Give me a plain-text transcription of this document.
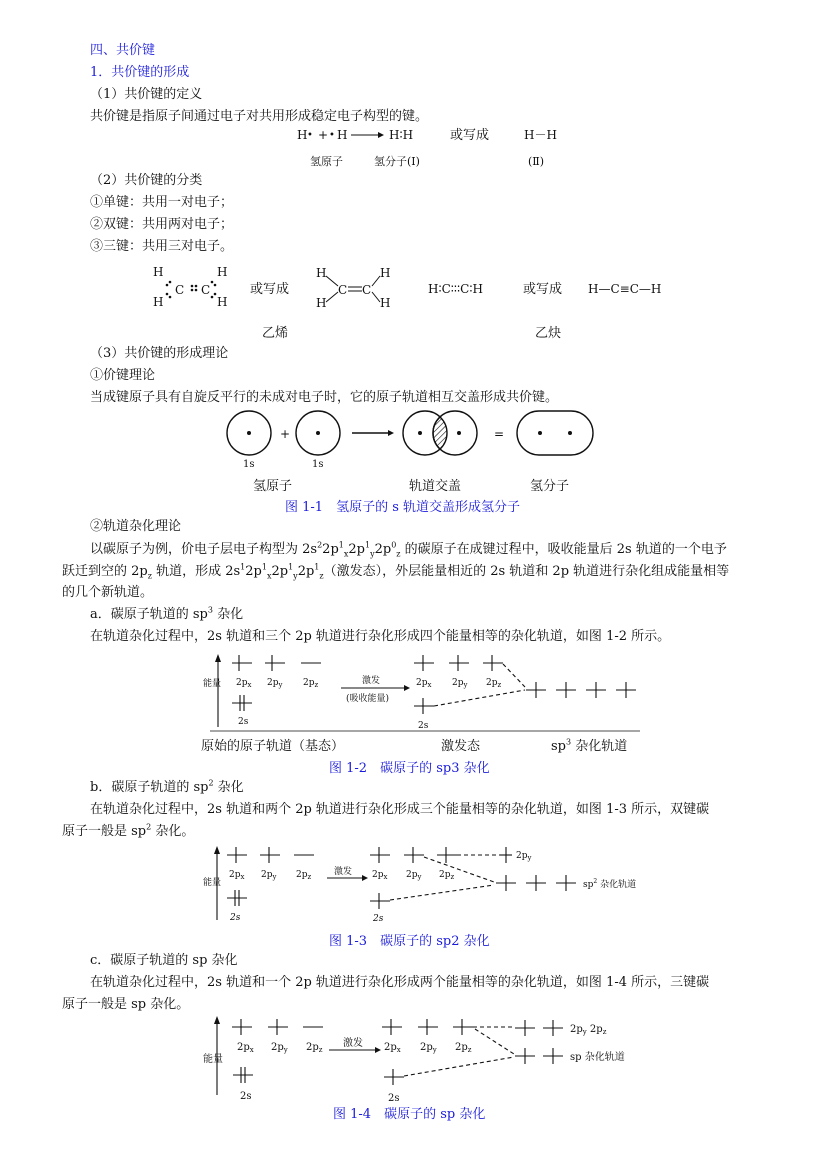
四、共价键
1．共价键的形成
（1）共价键的定义
共价键是指原子间通过电子对共用形成稳定电子构型的键。
H • + • H	H∶H	或写成	H－H
氢原子	氢分子(Ⅰ)	(Ⅱ)
（2）共价键的分类
①单键：共用一对电子；
②双键：共用两对电子；
③三键：共用三对电子。
H
H
H
H
C C	或写成
H
H
H
H
C C	H∶C∶∶∶C∶H	或写成 H—C≡C—H
乙烯	乙炔
（3）共价键的形成理论
①价键理论
当成键原子具有自旋反平行的未成对电子时，它的原子轨道相互交盖形成共价键。
+	=
1s	1s
氢原子	轨道交盖	氢分子
图 1-1　氢原子的 s 轨道交盖形成氢分子
②轨道杂化理论
以碳原子为例，价电子层电子构型为 $2s^22p^1_x2p^1_y2p^0_z$ 的碳原子在成键过程中，吸收能量后 2s 轨道的一个电予
跃迁到空的 $2p_z$ 轨道，形成 $2s^12p^1_x2p^1_y2p^1_z$（激发态），外层能量相近的 2s 轨道和 2p 轨道进行杂化组成能量相等
的几个新轨道。
a．碳原子轨道的 $sp^3$ 杂化
在轨道杂化过程中，2s 轨道和三个 2p 轨道进行杂化形成四个能量相等的杂化轨道，如图 1-2 所示。
能量 $2p_x$ $2p_y$ $2p_z$
2s
$2p_x$ $2p_y$ $2p_z$
2s
激发
(吸收能量)
原始的原子轨道（基态）	激发态	$sp^3$ 杂化轨道
图 1-2　碳原子的 sp3 杂化
b．碳原子轨道的 $sp^2$ 杂化
在轨道杂化过程中，2s 轨道和两个 2p 轨道进行杂化形成三个能量相等的杂化轨道，如图 1-3 所示，双键碳
原子一般是 $sp^2$ 杂化。
能量
$2p_x$ $2p_y$ $2p_z$
2s
$2p_x$ $2p_y$ $2p_z$
2s
激发
$2p_y$
$sp^2$ 杂化轨道
图 1-3　碳原子的 sp2 杂化
c．碳原子轨道的 sp 杂化
在轨道杂化过程中，2s 轨道和一个 2p 轨道进行杂化形成两个能量相等的杂化轨道，如图 1-4 所示，三键碳
原子一般是 sp 杂化。
能量
$2p_x$ $2p_y$ $2p_z$
2s
$2p_x$ $2p_y$ $2p_z$
2s
激发
$2p_y$ $2p_z$
sp 杂化轨道
图 1-4　碳原子的 sp 杂化
